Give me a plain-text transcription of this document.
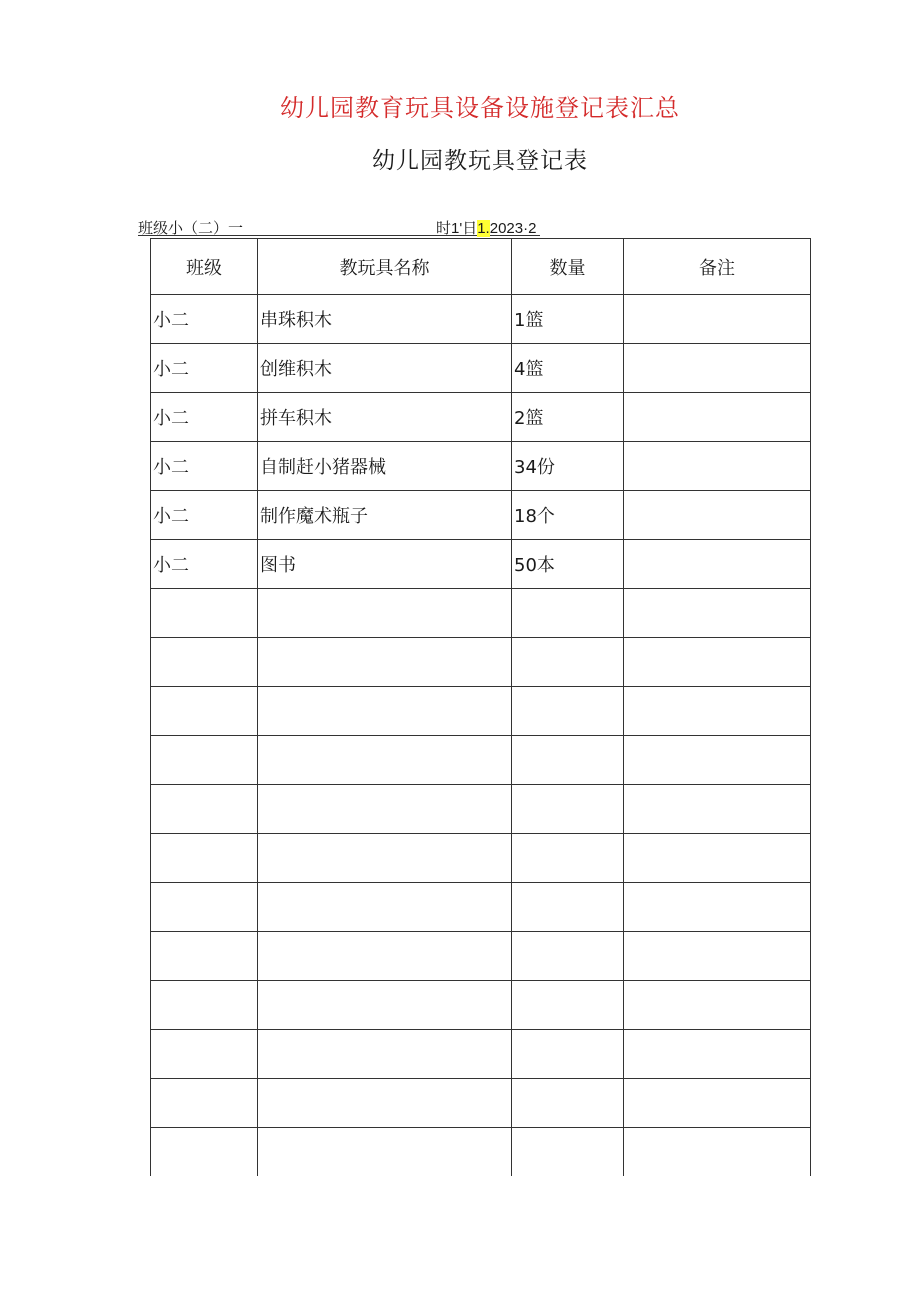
幼儿园教育玩具设备设施登记表汇总
幼儿园教玩具登记表
班级小（二）一	时1'日1.2023·2
班级	教玩具名称	数量	备注
小二	串珠积木	1篮	
小二	创维积木	4篮	
小二	拼车积木	2篮	
小二	自制赶小猪器械	34份	
小二	制作魔术瓶子	18个	
小二	图书	50本	
